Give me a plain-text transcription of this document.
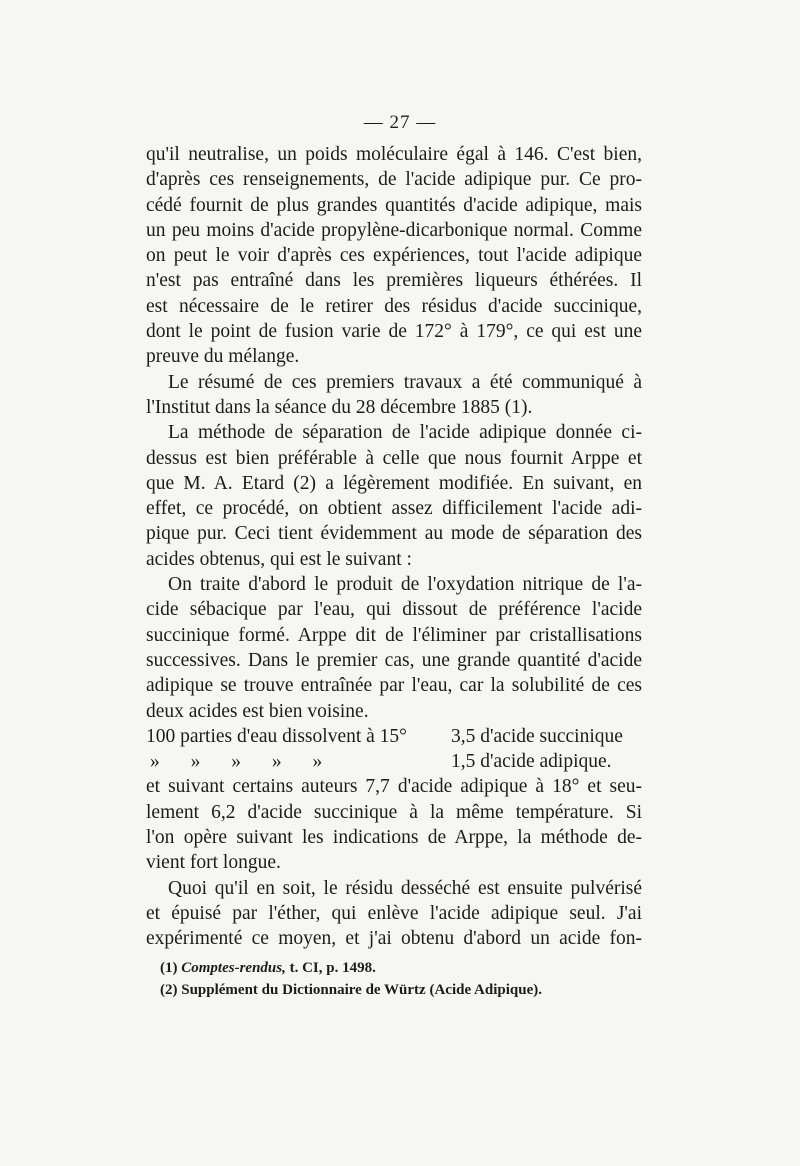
— 27 —
qu'il neutralise, un poids moléculaire égal à 146. C'est bien,
d'après ces renseignements, de l'acide adipique pur. Ce pro-
cédé fournit de plus grandes quantités d'acide adipique, mais
un peu moins d'acide propylène-dicarbonique normal. Comme
on peut le voir d'après ces expériences, tout l'acide adipique
n'est pas entraîné dans les premières liqueurs éthérées. Il
est nécessaire de le retirer des résidus d'acide succinique,
dont le point de fusion varie de 172° à 179°, ce qui est une
preuve du mélange.
Le résumé de ces premiers travaux a été communiqué à
l'Institut dans la séance du 28 décembre 1885 (1).
La méthode de séparation de l'acide adipique donnée ci-
dessus est bien préférable à celle que nous fournit Arppe et
que M. A. Etard (2) a légèrement modifiée. En suivant, en
effet, ce procédé, on obtient assez difficilement l'acide adi-
pique pur. Ceci tient évidemment au mode de séparation des
acides obtenus, qui est le suivant :
On traite d'abord le produit de l'oxydation nitrique de l'a-
cide sébacique par l'eau, qui dissout de préférence l'acide
succinique formé. Arppe dit de l'éliminer par cristallisations
successives. Dans le premier cas, une grande quantité d'acide
adipique se trouve entraînée par l'eau, car la solubilité de ces
deux acides est bien voisine.
100 parties d'eau dissolvent à 15° 3,5 d'acide succinique
» » » » »	1,5 d'acide adipique.
et suivant certains auteurs 7,7 d'acide adipique à 18° et seu-
lement 6,2 d'acide succinique à la même température. Si
l'on opère suivant les indications de Arppe, la méthode de-
vient fort longue.
Quoi qu'il en soit, le résidu desséché est ensuite pulvérisé
et épuisé par l'éther, qui enlève l'acide adipique seul. J'ai
expérimenté ce moyen, et j'ai obtenu d'abord un acide fon-
(1) Comptes-rendus, t. CI, p. 1498.
(2) Supplément du Dictionnaire de Würtz (Acide Adipique).
